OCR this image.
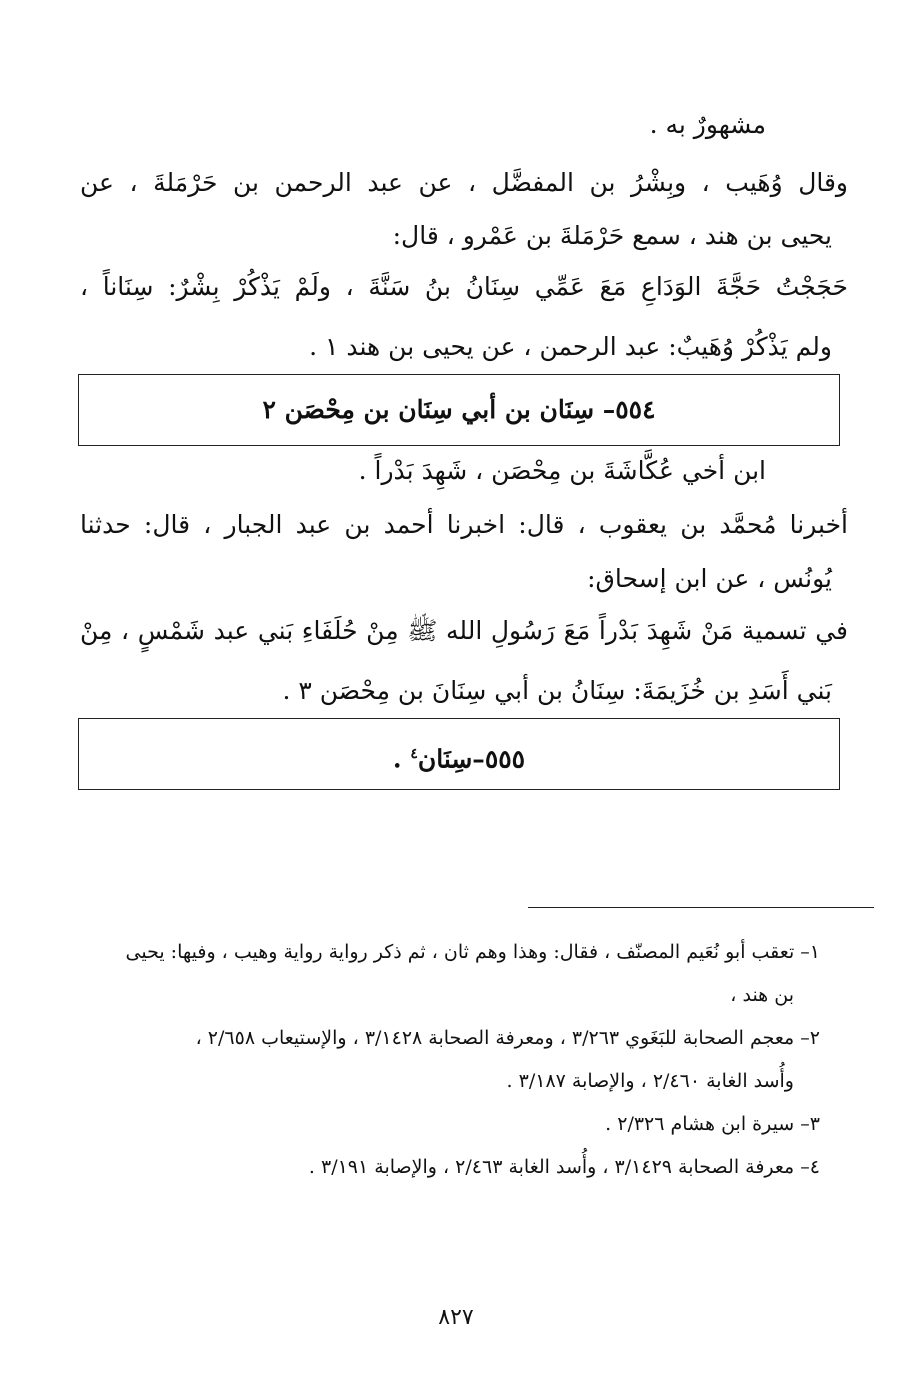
مشهورٌ به .
وقال وُهَيب ، وبِشْرُ بن المفضَّل ، عن عبد الرحمن بن حَرْمَلةَ ، عن
يحيى بن هند ، سمع حَرْمَلةَ بن عَمْرو ، قال:
حَجَجْتُ حَجَّةَ الوَدَاعِ مَعَ عَمِّي سِنَانُ بنُ سَنَّةَ ، ولَمْ يَذْكُرْ بِشْرٌ: سِنَاناً ،
ولم يَذْكُرْ وُهَيبٌ: عبد الرحمن ، عن يحيى بن هند ١ .
٥٥٤– سِنَان بن أبي سِنَان بن مِحْصَن ٢
ابن أخي عُكَّاشَةَ بن مِحْصَن ، شَهِدَ بَدْراً .
أخبرنا مُحمَّد بن يعقوب ، قال: اخبرنا أحمد بن عبد الجبار ، قال: حدثنا
يُونُس ، عن ابن إسحاق:
في تسمية مَنْ شَهِدَ بَدْراً مَعَ رَسُولِ الله ﷺ مِنْ حُلَفَاءِ بَني عبد شَمْسٍ ، مِنْ
بَني أَسَدِ بن خُزَيمَةَ: سِنَانُ بن أبي سِنَانَ بن مِحْصَن ٣ .
٥٥٥–سِنَان$^٤$ .
١– تعقب أبو نُعَيم المصنّف ، فقال: وهذا وهم ثان ، ثم ذكر رواية رواية وهيب ، وفيها: يحيى
بن هند ،
٢– معجم الصحابة للبَغَوي ٣/٢٦٣ ، ومعرفة الصحابة ٣/١٤٢٨ ، والإستيعاب ٢/٦٥٨ ،
وأُسد الغابة ٢/٤٦٠ ، والإصابة ٣/١٨٧ .
٣– سيرة ابن هشام ٢/٣٢٦ .
٤– معرفة الصحابة ٣/١٤٢٩ ، وأُسد الغابة ٢/٤٦٣ ، والإصابة ٣/١٩١ .
٨٢٧
